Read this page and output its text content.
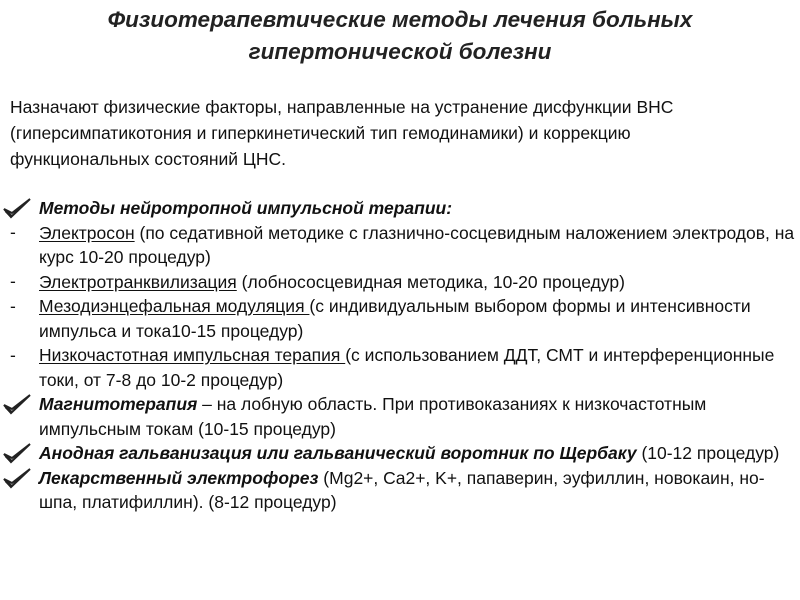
Физиотерапевтические методы лечения больных гипертонической болезни
Назначают физические факторы, направленные на устранение дисфункции ВНС (гиперсимпатикотония и гиперкинетический тип гемодинамики) и коррекцию функциональных состояний ЦНС.
Методы нейротропной импульсной терапии:
-	Электросон (по седативной методике с глазнично-сосцевидным наложением электродов, на курс 10-20 процедур)
-	Электротранквилизация (лобнососцевидная методика, 10-20 процедур)
-	Мезодиэнцефальная модуляция (с индивидуальным выбором формы и интенсивности импульса и тока10-15 процедур)
-	Низкочастотная импульсная терапия (с использованием ДДТ, СМТ и интерференционные токи, от 7-8 до 10-2 процедур)
Магнитотерапия – на лобную область. При противоказаниях к низкочастотным импульсным токам (10-15 процедур)
Анодная гальванизация или гальванический воротник по Щербаку (10-12 процедур)
Лекарственный электрофорез (Mg2+, Ca2+, K+, папаверин, эуфиллин, новокаин, но-шпа, платифиллин). (8-12 процедур)
